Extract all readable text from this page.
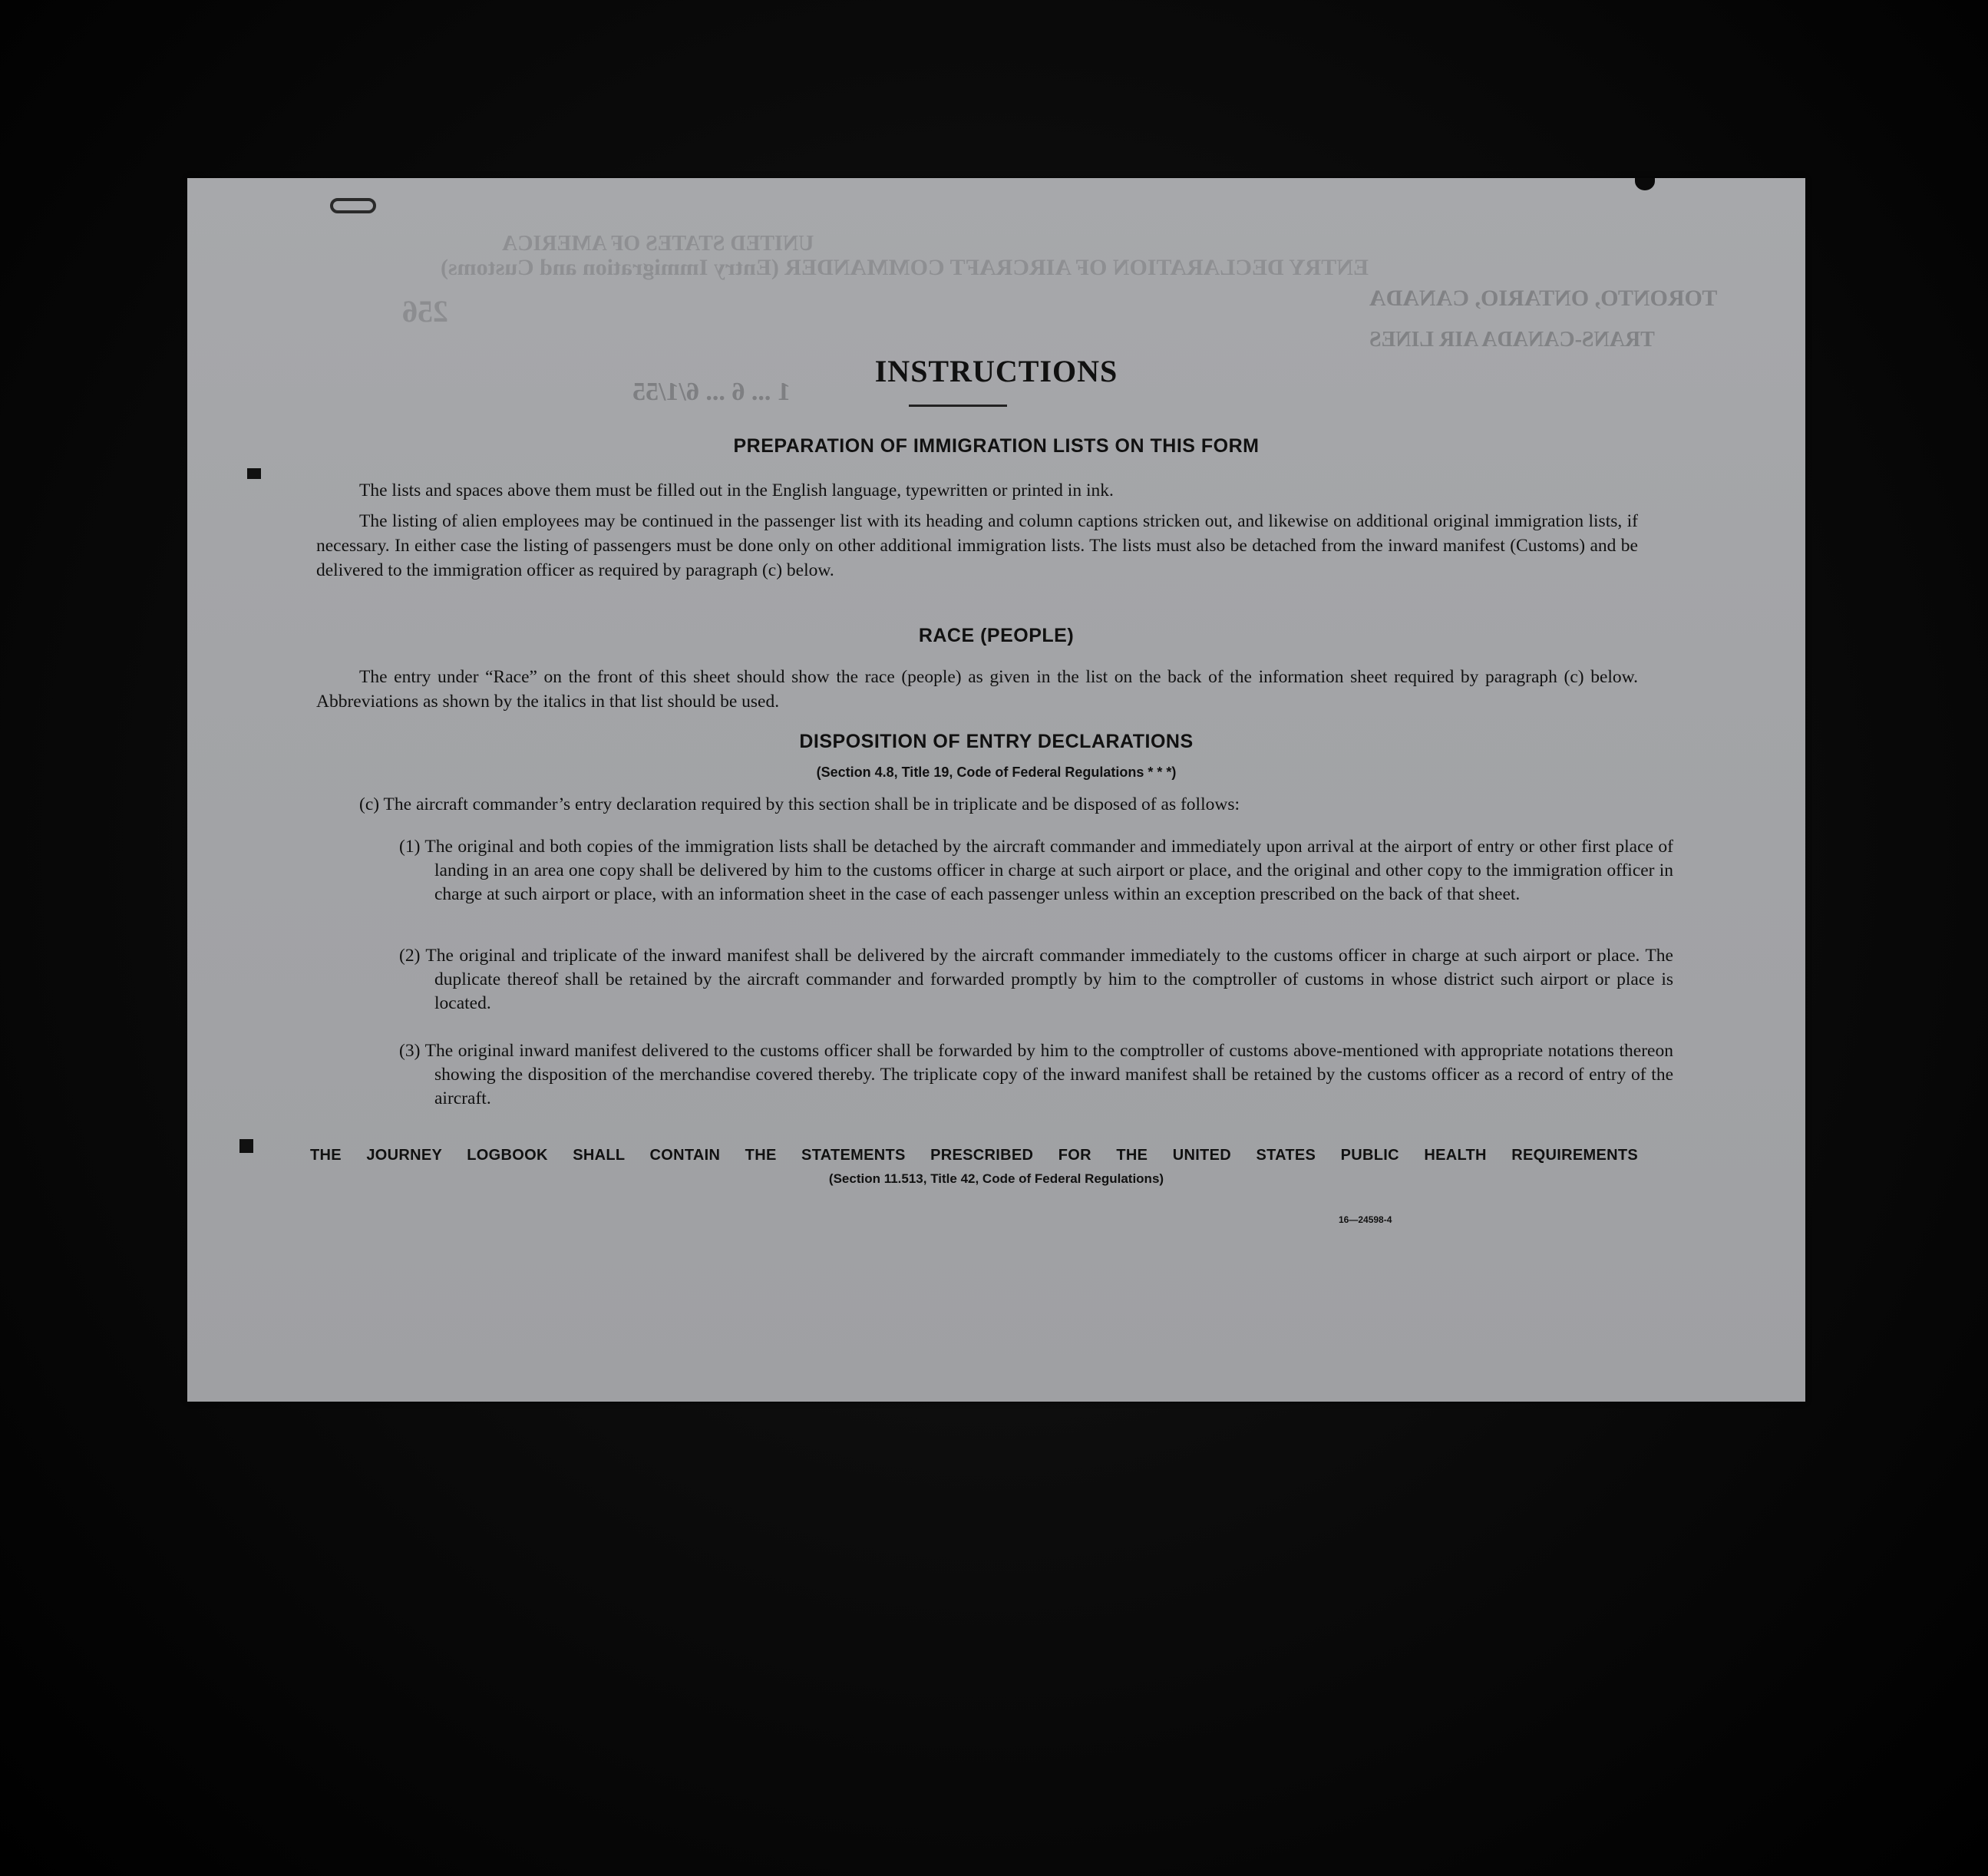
UNITED STATES OF AMERICA
ENTRY DECLARATION OF AIRCRAFT COMMANDER (Entry Immigration and Customs)
TORONTO, ONTARIO, CANADA
TRANS-CANADA AIR LINES
1 ... 6 ... 6/1/55
256
INSTRUCTIONS
PREPARATION OF IMMIGRATION LISTS ON THIS FORM
The lists and spaces above them must be filled out in the English language, typewritten or printed in ink.
The listing of alien employees may be continued in the passenger list with its heading and column captions stricken out, and likewise on additional original immigration lists, if necessary. In either case the listing of passengers must be done only on other additional immigration lists. The lists must also be detached from the inward manifest (Customs) and be delivered to the immigration officer as required by paragraph (c) below.
RACE (PEOPLE)
The entry under “Race” on the front of this sheet should show the race (people) as given in the list on the back of the information sheet required by paragraph (c) below. Abbreviations as shown by the italics in that list should be used.
DISPOSITION OF ENTRY DECLARATIONS
(Section 4.8, Title 19, Code of Federal Regulations * * *)
(c) The aircraft commander’s entry declaration required by this section shall be in triplicate and be disposed of as follows:
(1) The original and both copies of the immigration lists shall be detached by the aircraft commander and immediately upon arrival at the airport of entry or other first place of landing in an area one copy shall be delivered by him to the customs officer in charge at such airport or place, and the original and other copy to the immigration officer in charge at such airport or place, with an information sheet in the case of each passenger unless within an exception prescribed on the back of that sheet.
(2) The original and triplicate of the inward manifest shall be delivered by the aircraft commander immediately to the customs officer in charge at such airport or place. The duplicate thereof shall be retained by the aircraft commander and forwarded promptly by him to the comptroller of customs in whose district such airport or place is located.
(3) The original inward manifest delivered to the customs officer shall be forwarded by him to the comptroller of customs above-mentioned with appropriate notations thereon showing the disposition of the merchandise covered thereby. The triplicate copy of the inward manifest shall be retained by the customs officer as a record of entry of the aircraft.
THE JOURNEY LOGBOOK SHALL CONTAIN THE STATEMENTS PRESCRIBED FOR THE UNITED STATES PUBLIC HEALTH REQUIREMENTS
(Section 11.513, Title 42, Code of Federal Regulations)
16—24598-4
